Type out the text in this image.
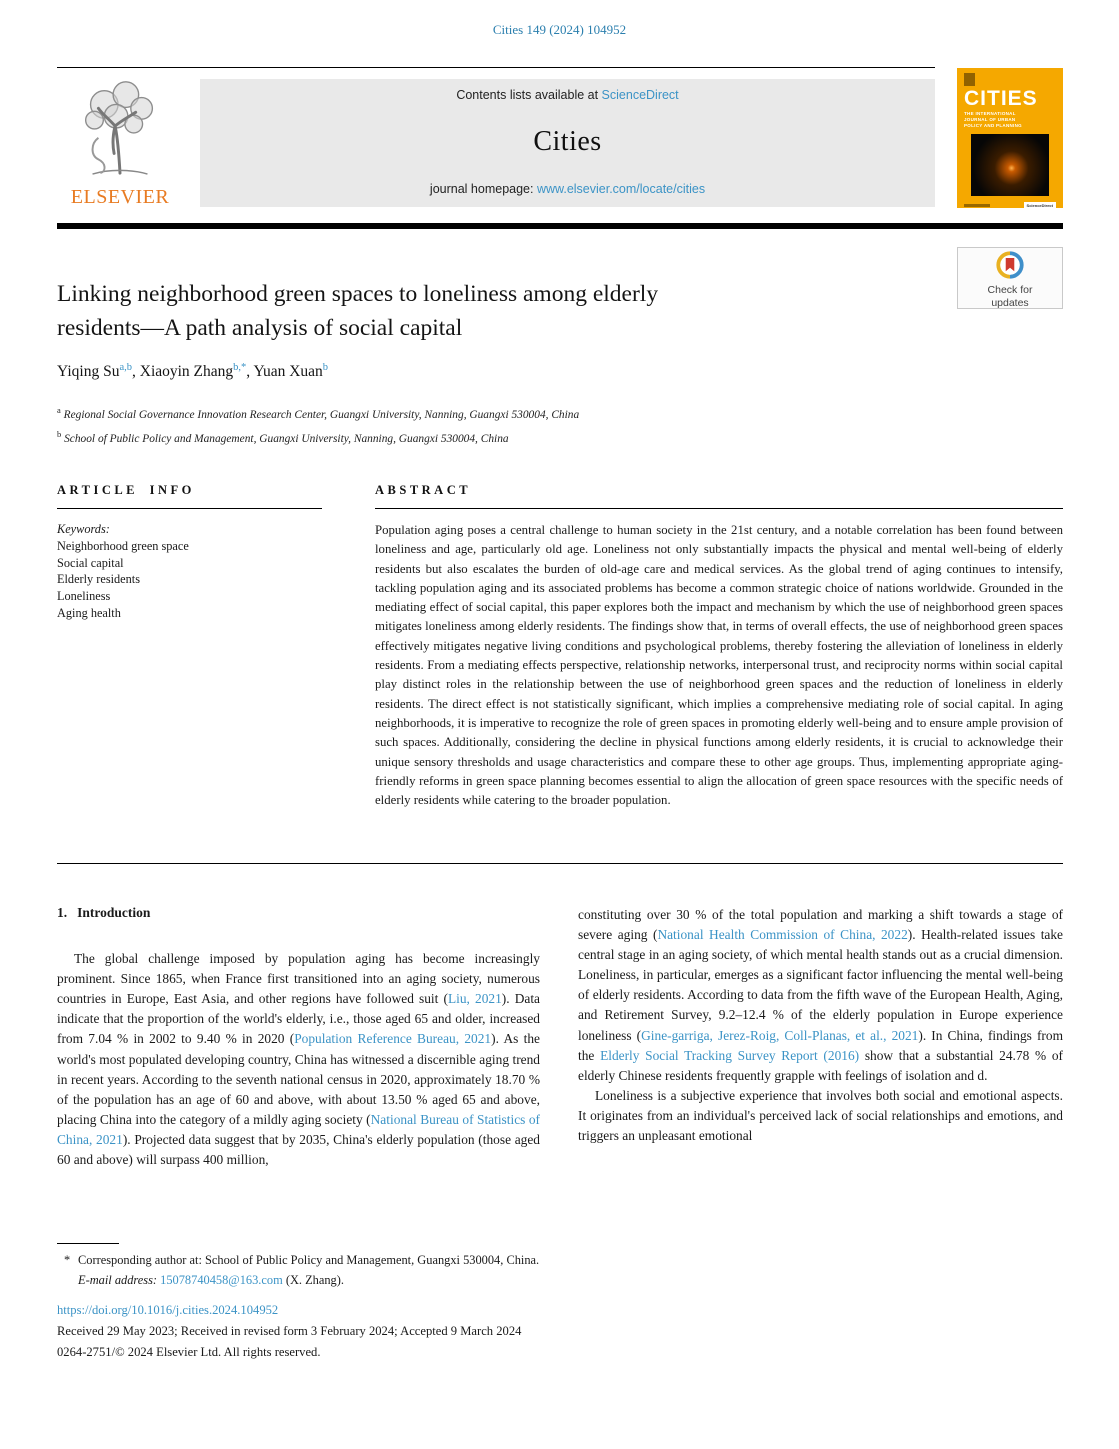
Cities 149 (2024) 104952
ELSEVIER
Contents lists available at ScienceDirect
Cities
journal homepage: www.elsevier.com/locate/cities
CITIES
THE INTERNATIONAL JOURNAL OF URBAN POLICY AND PLANNING
ScienceDirect
Check for
updates
Linking neighborhood green spaces to loneliness among elderly
residents—A path analysis of social capital
Yiqing Su$^{a,b}$, Xiaoyin Zhang$^{b,*}$, Yuan Xuan$^b$
$^a$ Regional Social Governance Innovation Research Center, Guangxi University, Nanning, Guangxi 530004, China
$^b$ School of Public Policy and Management, Guangxi University, Nanning, Guangxi 530004, China
ARTICLE INFO
Keywords:
Neighborhood green space
Social capital
Elderly residents
Loneliness
Aging health
ABSTRACT
Population aging poses a central challenge to human society in the 21st century, and a notable correlation has been found between loneliness and age, particularly old age. Loneliness not only substantially impacts the physical and mental well-being of elderly residents but also escalates the burden of old-age care and medical services. As the global trend of aging continues to intensify, tackling population aging and its associated problems has become a common strategic choice of nations worldwide. Grounded in the mediating effect of social capital, this paper explores both the impact and mechanism by which the use of neighborhood green spaces mitigates loneliness among elderly residents. The findings show that, in terms of overall effects, the use of neighborhood green spaces effectively mitigates negative living conditions and psychological problems, thereby fostering the alleviation of loneliness in elderly residents. From a mediating effects perspective, relationship networks, interpersonal trust, and reciprocity norms within social capital play distinct roles in the relationship between the use of neighborhood green spaces and the reduction of loneliness in elderly residents. The direct effect is not statistically significant, which implies a comprehensive mediating role of social capital. In aging neighborhoods, it is imperative to recognize the role of green spaces in promoting elderly well-being and to ensure ample provision of such spaces. Additionally, considering the decline in physical functions among elderly residents, it is crucial to acknowledge their unique sensory thresholds and usage characteristics and compare these to other age groups. Thus, implementing appropriate aging-friendly reforms in green space planning becomes essential to align the allocation of green space resources with the specific needs of elderly residents while catering to the broader population.
1. Introduction

The global challenge imposed by population aging has become increasingly prominent. Since 1865, when France first transitioned into an aging society, numerous countries in Europe, East Asia, and other regions have followed suit (Liu, 2021). Data indicate that the proportion of the world's elderly, i.e., those aged 65 and older, increased from 7.04 % in 2002 to 9.40 % in 2020 (Population Reference Bureau, 2021). As the world's most populated developing country, China has witnessed a discernible aging trend in recent years. According to the seventh national census in 2020, approximately 18.70 % of the population has an age of 60 and above, with about 13.50 % aged 65 and above, placing China into the category of a mildly aging society (National Bureau of Statistics of China, 2021). Projected data suggest that by 2035, China's elderly population (those aged 60 and above) will surpass 400 million,

constituting over 30 % of the total population and marking a shift towards a stage of severe aging (National Health Commission of China, 2022). Health-related issues take central stage in an aging society, of which mental health stands out as a crucial dimension. Loneliness, in particular, emerges as a significant factor influencing the mental well-being of elderly residents. According to data from the fifth wave of the European Health, Aging, and Retirement Survey, 9.2–12.4 % of the elderly population in Europe experience loneliness (Gine-garriga, Jerez-Roig, Coll-Planas, et al., 2021). In China, findings from the Elderly Social Tracking Survey Report (2016) show that a substantial 24.78 % of elderly Chinese residents frequently grapple with feelings of isolation and d.

Loneliness is a subjective experience that involves both social and emotional aspects. It originates from an individual's perceived lack of social relationships and emotions, and triggers an unpleasant emotional

* Corresponding author at: School of Public Policy and Management, Guangxi 530004, China.
E-mail address: 15078740458@163.com (X. Zhang).
https://doi.org/10.1016/j.cities.2024.104952
Received 29 May 2023; Received in revised form 3 February 2024; Accepted 9 March 2024
0264-2751/© 2024 Elsevier Ltd. All rights reserved.
